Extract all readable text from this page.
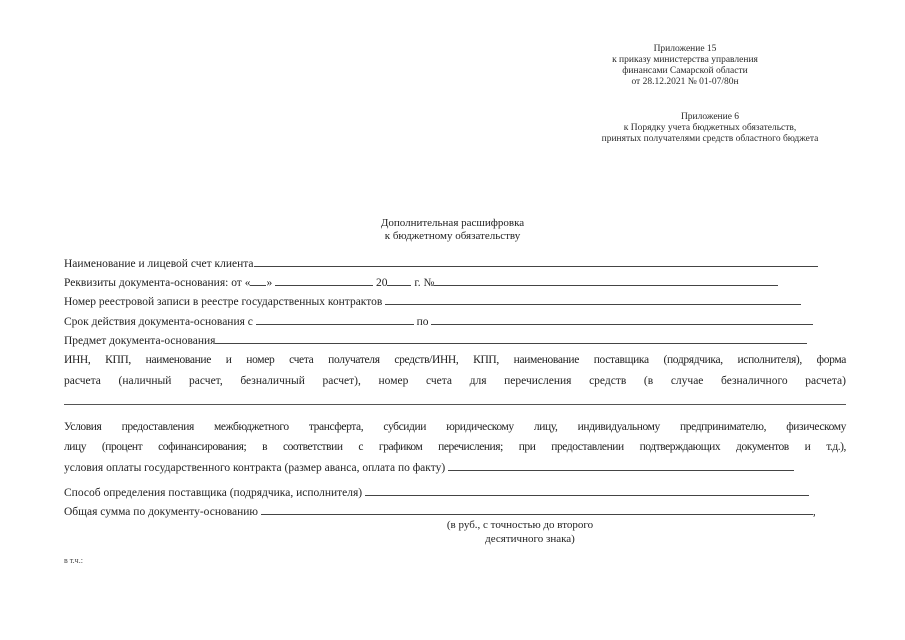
Приложение 15
к приказу министерства управления
финансами Самарской области
от 28.12.2021 № 01-07/80н
Приложение 6
к Порядку учета бюджетных обязательств,
принятых получателями средств областного бюджета
Дополнительная расшифровка
к бюджетному обязательству
Наименование и лицевой счет клиента
Реквизиты документа-основания: от « »	20 г. №
Номер реестровой записи в реестре государственных контрактов
Срок действия документа-основания с	по
Предмет документа-основания
ИНН, КПП, наименование и номер счета получателя средств/ИНН, КПП, наименование поставщика (подрядчика, исполнителя), форма
расчета (наличный расчет, безналичный расчет), номер счета для перечисления средств (в случае безналичного расчета)
Условия предоставления межбюджетного трансферта, субсидии юридическому лицу, индивидуальному предпринимателю, физическому
лицу (процент софинансирования; в соответствии с графиком перечисления; при предоставлении подтверждающих документов и т.д.),
условия оплаты государственного контракта (размер аванса, оплата по факту)
Способ определения поставщика (подрядчика, исполнителя)
Общая сумма по документу-основанию	,
(в руб., с точностью до второго
десятичного знака)
в т.ч.:
